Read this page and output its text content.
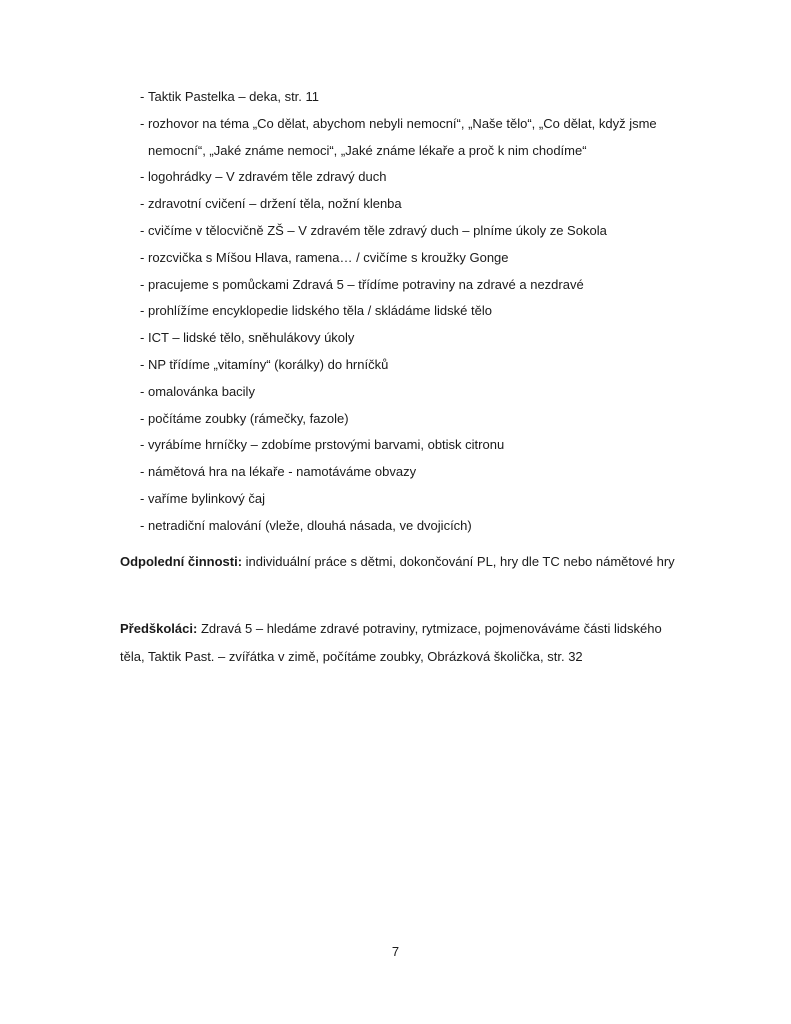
- Taktik Pastelka – deka, str. 11
- rozhovor na téma „Co dělat, abychom nebyli nemocní“, „Naše tělo“, „Co dělat, když jsme nemocní“, „Jaké známe nemoci“, „Jaké známe lékaře a proč k nim chodíme“
- logohrádky – V zdravém těle zdravý duch
- zdravotní cvičení – držení těla, nožní klenba
- cvičíme v tělocvičně ZŠ – V zdravém těle zdravý duch – plníme úkoly ze Sokola
- rozcvička s Míšou Hlava, ramena… / cvičíme s kroužky Gonge
- pracujeme s pomůckami Zdravá 5 – třídíme potraviny na zdravé a nezdravé
- prohlížíme encyklopedie lidského těla / skládáme lidské tělo
- ICT – lidské tělo, sněhulákovy úkoly
- NP třídíme „vitamíny“ (korálky) do hrníčků
- omalovánka bacily
- počítáme zoubky (rámečky, fazole)
- vyrábíme hrníčky – zdobíme prstovými barvami, obtisk citronu
- námětová hra na lékaře - namotáváme obvazy
- vaříme bylinkový čaj
- netradiční malování (vleže, dlouhá násada, ve dvojicích)

Odpolední činnosti: individuální práce s dětmi, dokončování PL, hry dle TC nebo námětové hry

Předškoláci: Zdravá 5 – hledáme zdravé potraviny, rytmizace, pojmenováváme části lidského těla, Taktik Past. – zvířátka v zimě, počítáme zoubky, Obrázková školička, str. 32

7
